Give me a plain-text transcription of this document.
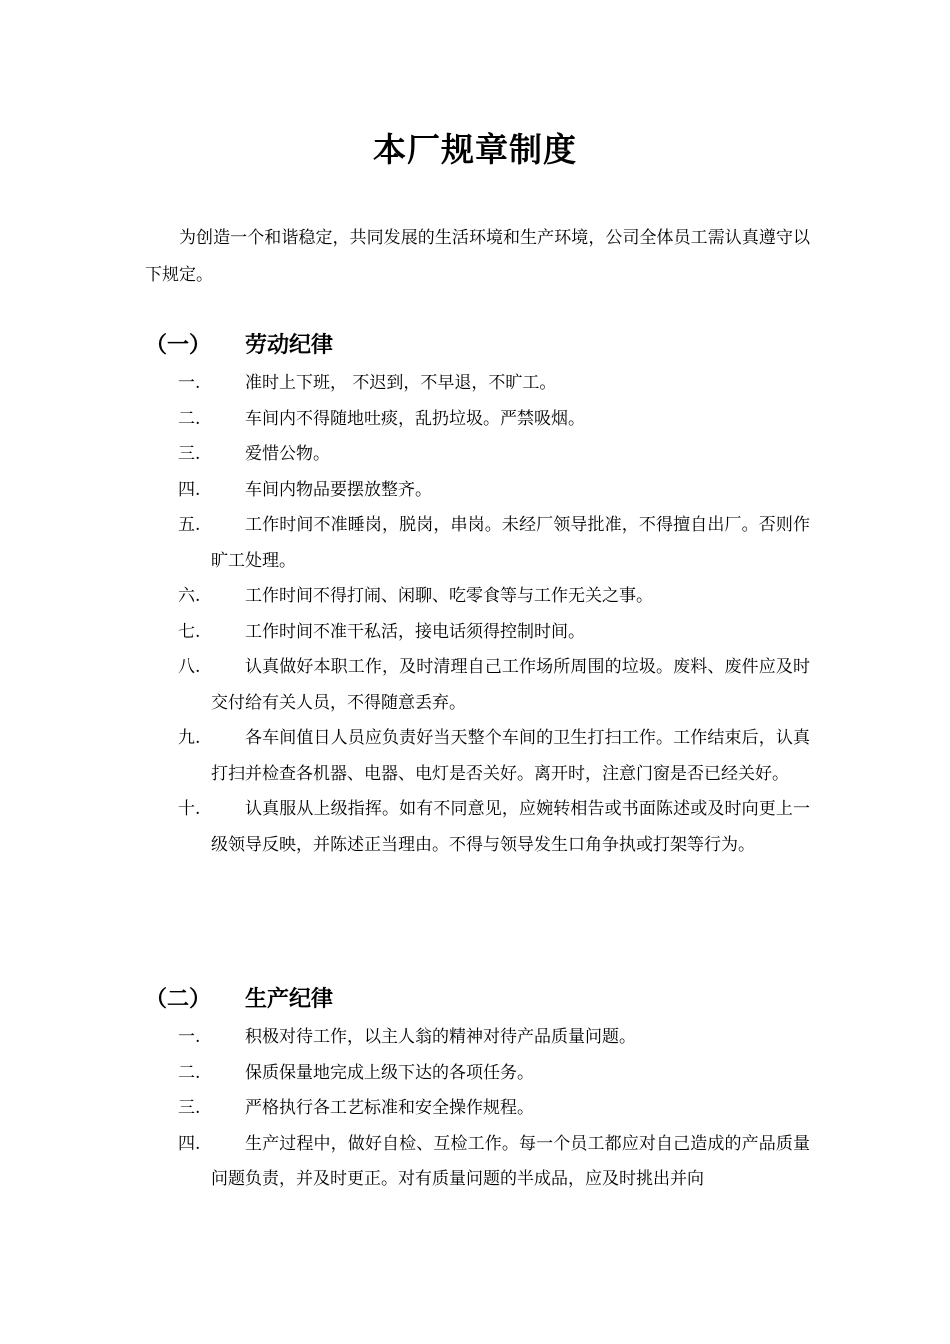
本厂规章制度
为创造一个和谐稳定，共同发展的生活环境和生产环境，公司全体员工需认真遵守以下规定。
（一） 劳动纪律
一.	准时上下班， 不迟到，不早退，不旷工。
二.	车间内不得随地吐痰，乱扔垃圾。严禁吸烟。
三.	爱惜公物。
四.	车间内物品要摆放整齐。
五.	工作时间不准睡岗，脱岗，串岗。未经厂领导批准，不得擅自出厂。否则作旷工处理。
六.	工作时间不得打闹、闲聊、吃零食等与工作无关之事。
七.	工作时间不准干私活，接电话须得控制时间。
八.	认真做好本职工作，及时清理自己工作场所周围的垃圾。废料、废件应及时交付给有关人员，不得随意丢弃。
九.	各车间值日人员应负责好当天整个车间的卫生打扫工作。工作结束后，认真打扫并检查各机器、电器、电灯是否关好。离开时，注意门窗是否已经关好。
十.	认真服从上级指挥。如有不同意见，应婉转相告或书面陈述或及时向更上一级领导反映，并陈述正当理由。不得与领导发生口角争执或打架等行为。
（二） 生产纪律
一.	积极对待工作，以主人翁的精神对待产品质量问题。
二.	保质保量地完成上级下达的各项任务。
三.	严格执行各工艺标准和安全操作规程。
四.	生产过程中，做好自检、互检工作。每一个员工都应对自己造成的产品质量问题负责，并及时更正。对有质量问题的半成品，应及时挑出并向
